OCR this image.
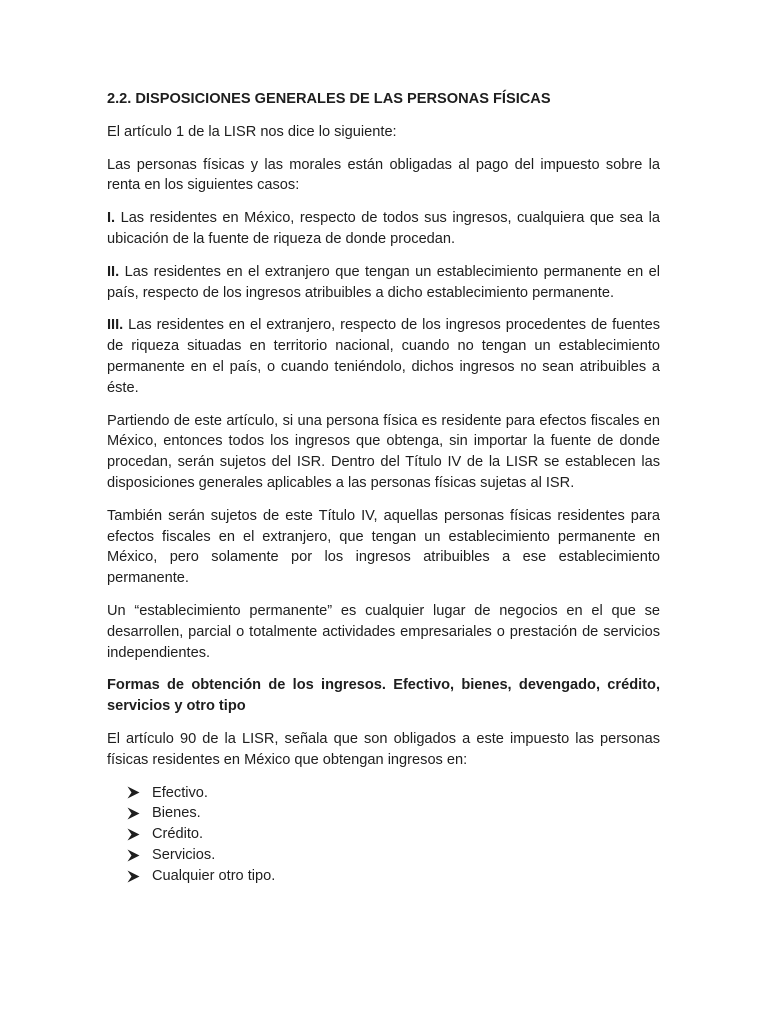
2.2. DISPOSICIONES GENERALES DE LAS PERSONAS FÍSICAS

El artículo 1 de la LISR nos dice lo siguiente:

Las personas físicas y las morales están obligadas al pago del impuesto sobre la renta en los siguientes casos:

I. Las residentes en México, respecto de todos sus ingresos, cualquiera que sea la ubicación de la fuente de riqueza de donde procedan.

II. Las residentes en el extranjero que tengan un establecimiento permanente en el país, respecto de los ingresos atribuibles a dicho establecimiento permanente.

III. Las residentes en el extranjero, respecto de los ingresos procedentes de fuentes de riqueza situadas en territorio nacional, cuando no tengan un establecimiento permanente en el país, o cuando teniéndolo, dichos ingresos no sean atribuibles a éste.

Partiendo de este artículo, si una persona física es residente para efectos fiscales en México, entonces todos los ingresos que obtenga, sin importar la fuente de donde procedan, serán sujetos del ISR. Dentro del Título IV de la LISR se establecen las disposiciones generales aplicables a las personas físicas sujetas al ISR.

También serán sujetos de este Título IV, aquellas personas físicas residentes para efectos fiscales en el extranjero, que tengan un establecimiento permanente en México, pero solamente por los ingresos atribuibles a ese establecimiento permanente.

Un “establecimiento permanente” es cualquier lugar de negocios en el que se desarrollen, parcial o totalmente actividades empresariales o prestación de servicios independientes.

Formas de obtención de los ingresos. Efectivo, bienes, devengado, crédito, servicios y otro tipo

El artículo 90 de la LISR, señala que son obligados a este impuesto las personas físicas residentes en México que obtengan ingresos en:

Efectivo.
Bienes.
Crédito.
Servicios.
Cualquier otro tipo.
